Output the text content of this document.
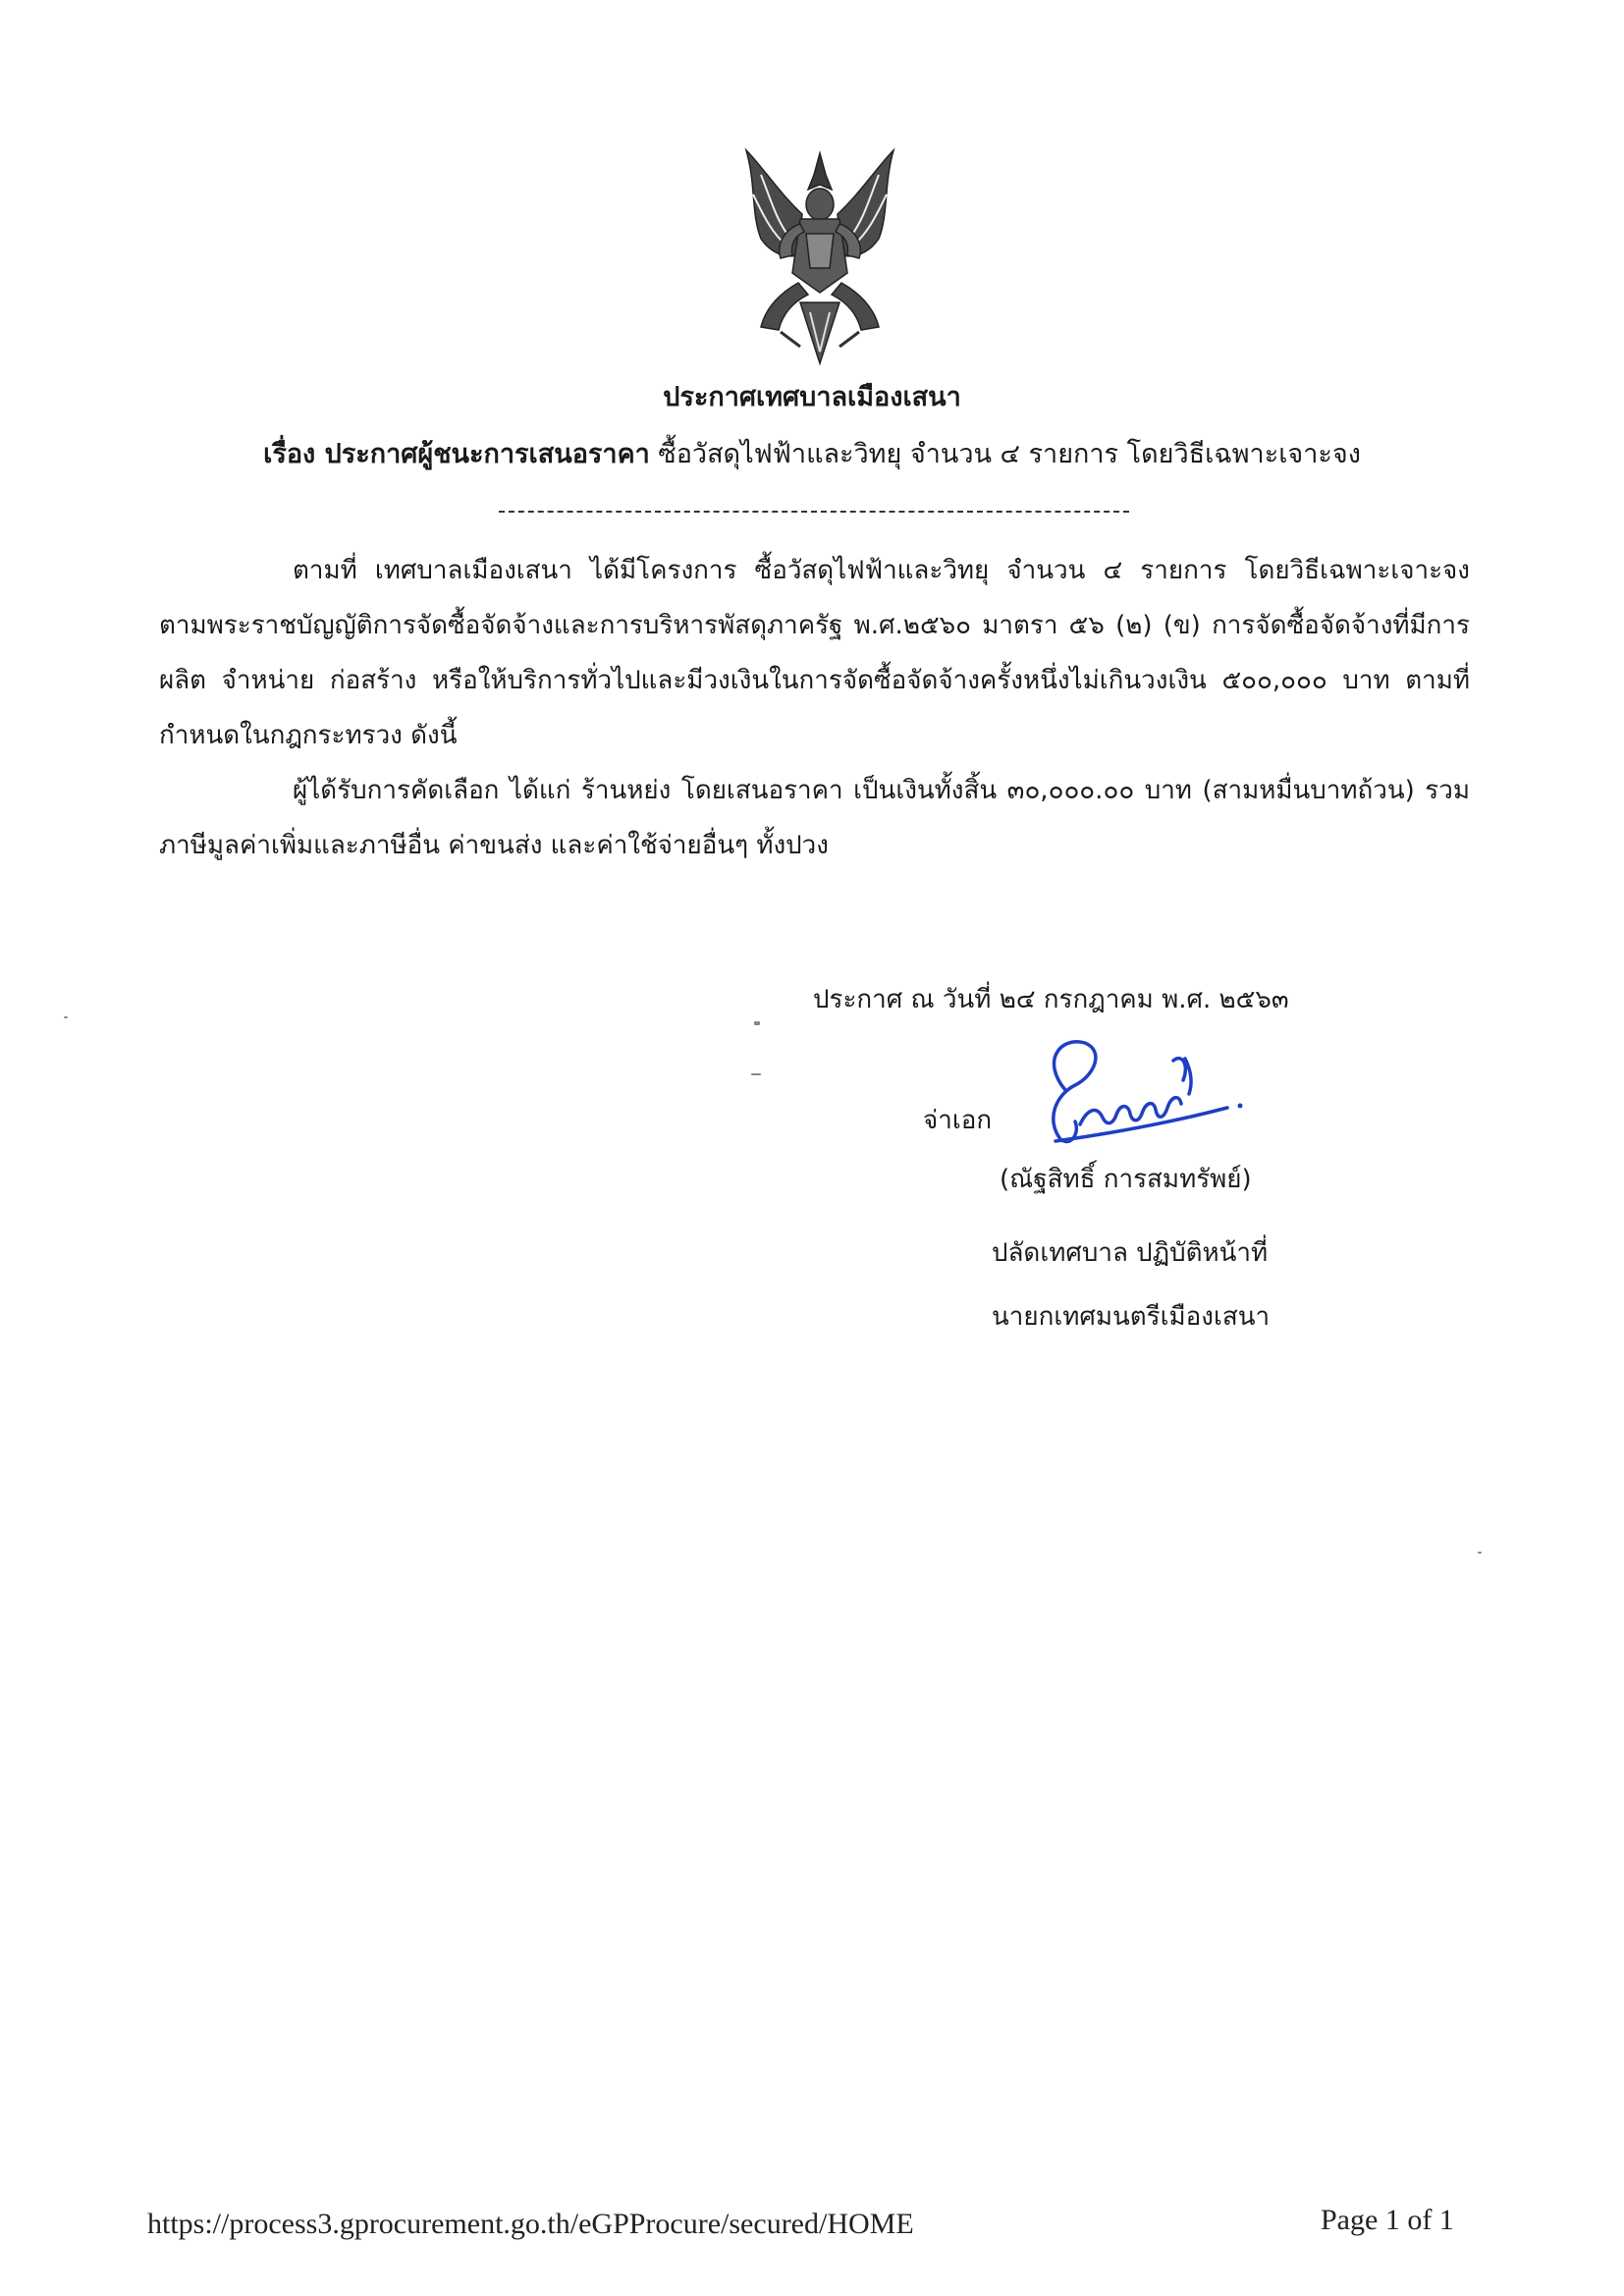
ประกาศเทศบาลเมืองเสนา
เรื่อง ประกาศผู้ชนะการเสนอราคา ซื้อวัสดุไฟฟ้าและวิทยุ จำนวน ๔ รายการ โดยวิธีเฉพาะเจาะจง
ตามที่ เทศบาลเมืองเสนา ได้มีโครงการ ซื้อวัสดุไฟฟ้าและวิทยุ จำนวน ๔ รายการ โดยวิธีเฉพาะเจาะจง ตามพระราชบัญญัติการจัดซื้อจัดจ้างและการบริหารพัสดุภาครัฐ พ.ศ.๒๕๖๐ มาตรา ๕๖ (๒) (ข) การจัดซื้อจัดจ้างที่มีการผลิต จำหน่าย ก่อสร้าง หรือให้บริการทั่วไปและมีวงเงินในการจัดซื้อจัดจ้างครั้งหนึ่งไม่เกินวงเงิน ๕๐๐,๐๐๐ บาท ตามที่กำหนดในกฎกระทรวง ดังนี้
ผู้ได้รับการคัดเลือก ได้แก่ ร้านหย่ง โดยเสนอราคา เป็นเงินทั้งสิ้น ๓๐,๐๐๐.๐๐ บาท (สามหมื่นบาทถ้วน) รวมภาษีมูลค่าเพิ่มและภาษีอื่น ค่าขนส่ง และค่าใช้จ่ายอื่นๆ ทั้งปวง
ประกาศ ณ วันที่ ๒๔ กรกฎาคม พ.ศ. ๒๕๖๓
จ่าเอก
(ณัฐสิทธิ์ การสมทรัพย์)
ปลัดเทศบาล ปฏิบัติหน้าที่
นายกเทศมนตรีเมืองเสนา
https://process3.gprocurement.go.th/eGPProcure/secured/HOME	Page 1 of 1
